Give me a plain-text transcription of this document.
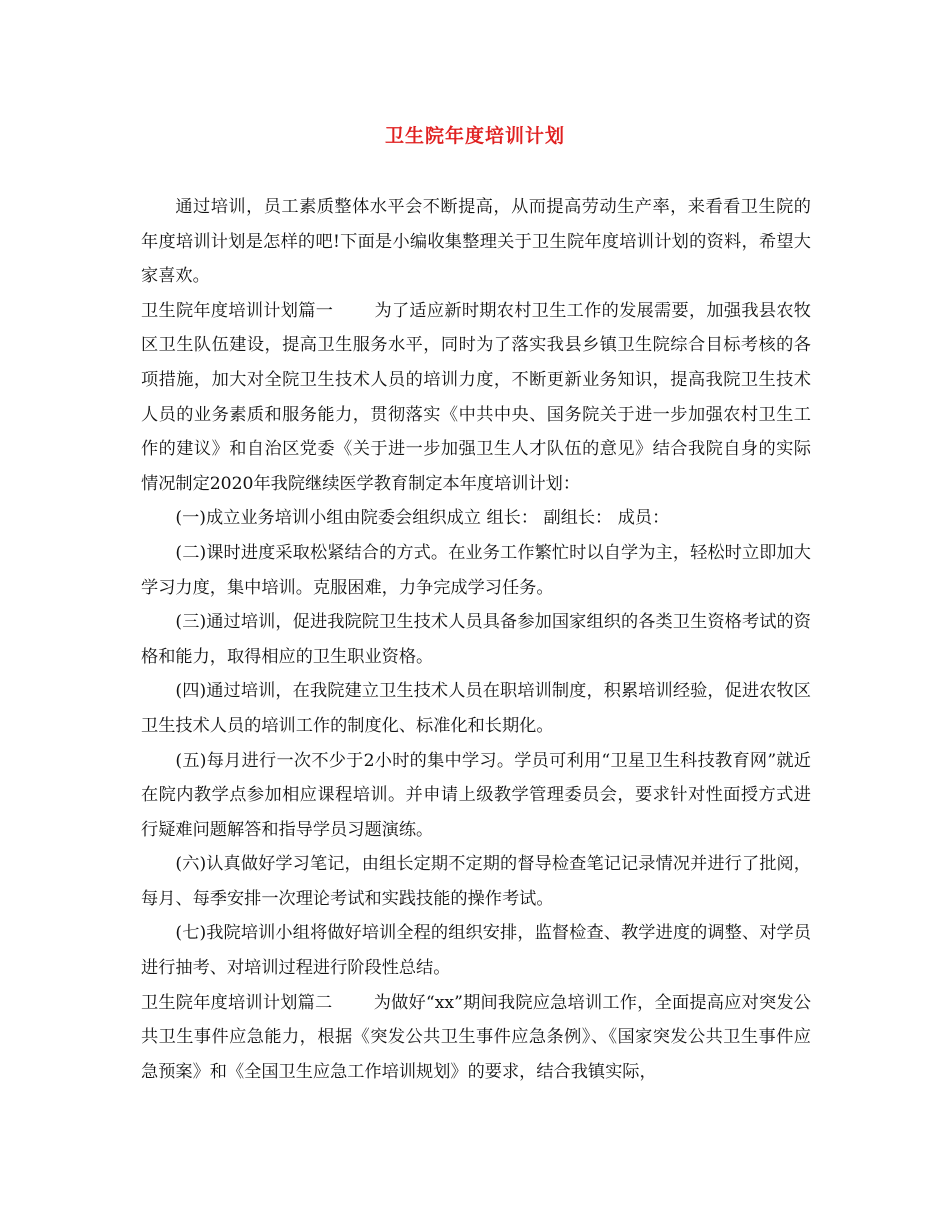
卫生院年度培训计划

通过培训，员工素质整体水平会不断提高，从而提高劳动生产率，来看看卫生院的年度培训计划是怎样的吧!下面是小编收集整理关于卫生院年度培训计划的资料，希望大家喜欢。

卫生院年度培训计划篇一 为了适应新时期农村卫生工作的发展需要，加强我县农牧区卫生队伍建设，提高卫生服务水平，同时为了落实我县乡镇卫生院综合目标考核的各项措施，加大对全院卫生技术人员的培训力度，不断更新业务知识，提高我院卫生技术人员的业务素质和服务能力，贯彻落实《中共中央、国务院关于进一步加强农村卫生工作的建议》和自治区党委《关于进一步加强卫生人才队伍的意见》结合我院自身的实际情况制定2020年我院继续医学教育制定本年度培训计划：

(一)成立业务培训小组由院委会组织成立 组长： 副组长： 成员：

(二)课时进度采取松紧结合的方式。在业务工作繁忙时以自学为主，轻松时立即加大学习力度，集中培训。克服困难，力争完成学习任务。

(三)通过培训，促进我院院卫生技术人员具备参加国家组织的各类卫生资格考试的资格和能力，取得相应的卫生职业资格。

(四)通过培训，在我院建立卫生技术人员在职培训制度，积累培训经验，促进农牧区卫生技术人员的培训工作的制度化、标准化和长期化。

(五)每月进行一次不少于2小时的集中学习。学员可利用“卫星卫生科技教育网”就近在院内教学点参加相应课程培训。并申请上级教学管理委员会，要求针对性面授方式进行疑难问题解答和指导学员习题演练。

(六)认真做好学习笔记，由组长定期不定期的督导检查笔记记录情况并进行了批阅，每月、每季安排一次理论考试和实践技能的操作考试。

(七)我院培训小组将做好培训全程的组织安排，监督检查、教学进度的调整、对学员进行抽考、对培训过程进行阶段性总结。

卫生院年度培训计划篇二 为做好“xx”期间我院应急培训工作，全面提高应对突发公共卫生事件应急能力，根据《突发公共卫生事件应急条例》、《国家突发公共卫生事件应急预案》和《全国卫生应急工作培训规划》的要求，结合我镇实际，
